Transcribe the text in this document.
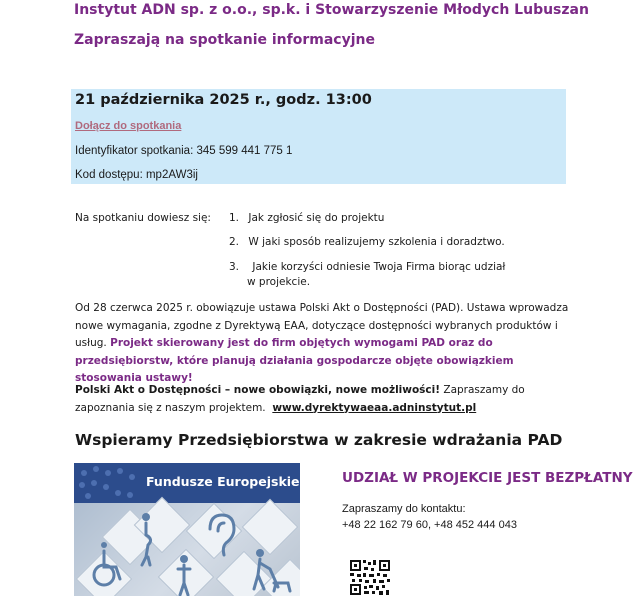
Instytut ADN sp. z o.o., sp.k. i Stowarzyszenie Młodych Lubuszan
Zapraszają na spotkanie informacyjne
21 października 2025 r., godz. 13:00
Dołącz do spotkania
Identyfikator spotkania: 345 599 441 775 1
Kod dostępu: mp2AW3ij
Na spotkaniu dowiesz się: 1. Jak zgłosić się do projektu
2. W jaki sposób realizujemy szkolenia i doradztwo.
3. Jakie korzyści odniesie Twoja Firma biorąc udział
w projekcie.
Od 28 czerwca 2025 r. obowiązuje ustawa Polski Akt o Dostępności (PAD). Ustawa wprowadza nowe wymagania, zgodne z Dyrektywą EAA, dotyczące dostępności wybranych produktów i usług. Projekt skierowany jest do firm objętych wymogami PAD oraz do przedsiębiorstw, które planują działania gospodarcze objęte obowiązkiem stosowania ustawy!
Polski Akt o Dostępności – nowe obowiązki, nowe możliwości! Zapraszamy do zapoznania się z naszym projektem. www.dyrektywaeaa.adninstytut.pl
Wspieramy Przedsiębiorstwa w zakresie wdrażania PAD
Fundusze Europejskie	UDZIAŁ W PROJEKCIE JEST BEZPŁATNY
Zapraszamy do kontaktu:
+48 22 162 79 60, +48 452 444 043
